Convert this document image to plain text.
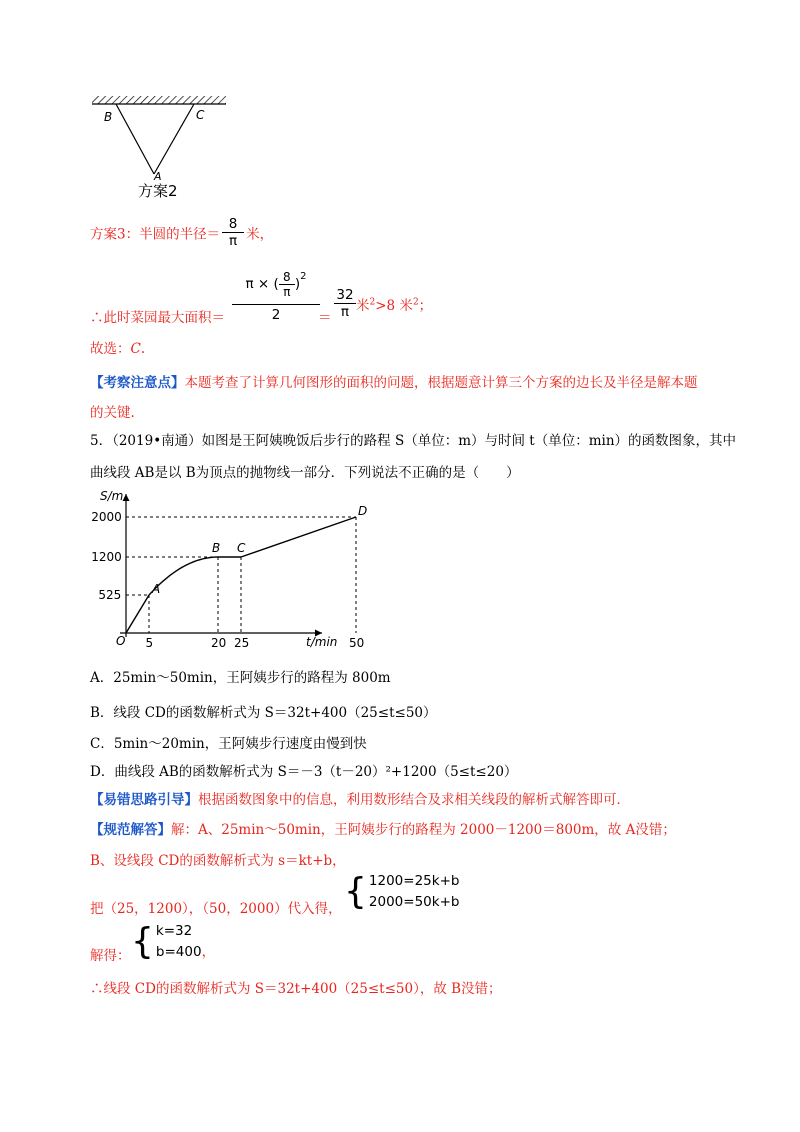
B	C
A
方案2
方案3：半圆的半径＝ $\frac{8}{\pi}$ 米，
∴此时菜园最大面积＝
π × ( $\frac{8}{\pi} )^2$
2	＝ $\frac{32}{\pi}$ 米$^2$>8 米$^2$；
故选：C.
【考察注意点】本题考查了计算几何图形的面积的问题，根据题意计算三个方案的边长及半径是解本题
的关键.
5．（2019•南通）如图是王阿姨晚饭后步行的路程 S（单位：m）与时间 t（单位：min）的函数图象，其中
曲线段 AB是以 B为顶点的抛物线一部分．下列说法不正确的是（　　）
S/m
t/min
O
A
B C
D
5	20 25	50
525
1200
2000
A．25min～50min，王阿姨步行的路程为 800m
B．线段 CD的函数解析式为 S＝32t+400（25≤t≤50）
C．5min～20min，王阿姨步行速度由慢到快
D．曲线段 AB的函数解析式为 S＝－3（t－20）²+1200（5≤t≤20）
【易错思路引导】根据函数图象中的信息，利用数形结合及求相关线段的解析式解答即可．
【规范解答】解：A、25min～50min，王阿姨步行的路程为 2000－1200＝800m，故 A没错；
B、设线段 CD的函数解析式为 s＝kt+b，
把（25，1200），（50，2000）代入得， { 1200=25k+b
2000=50k+b
解得： { k=32
b=400，
∴线段 CD的函数解析式为 S＝32t+400（25≤t≤50），故 B没错；
